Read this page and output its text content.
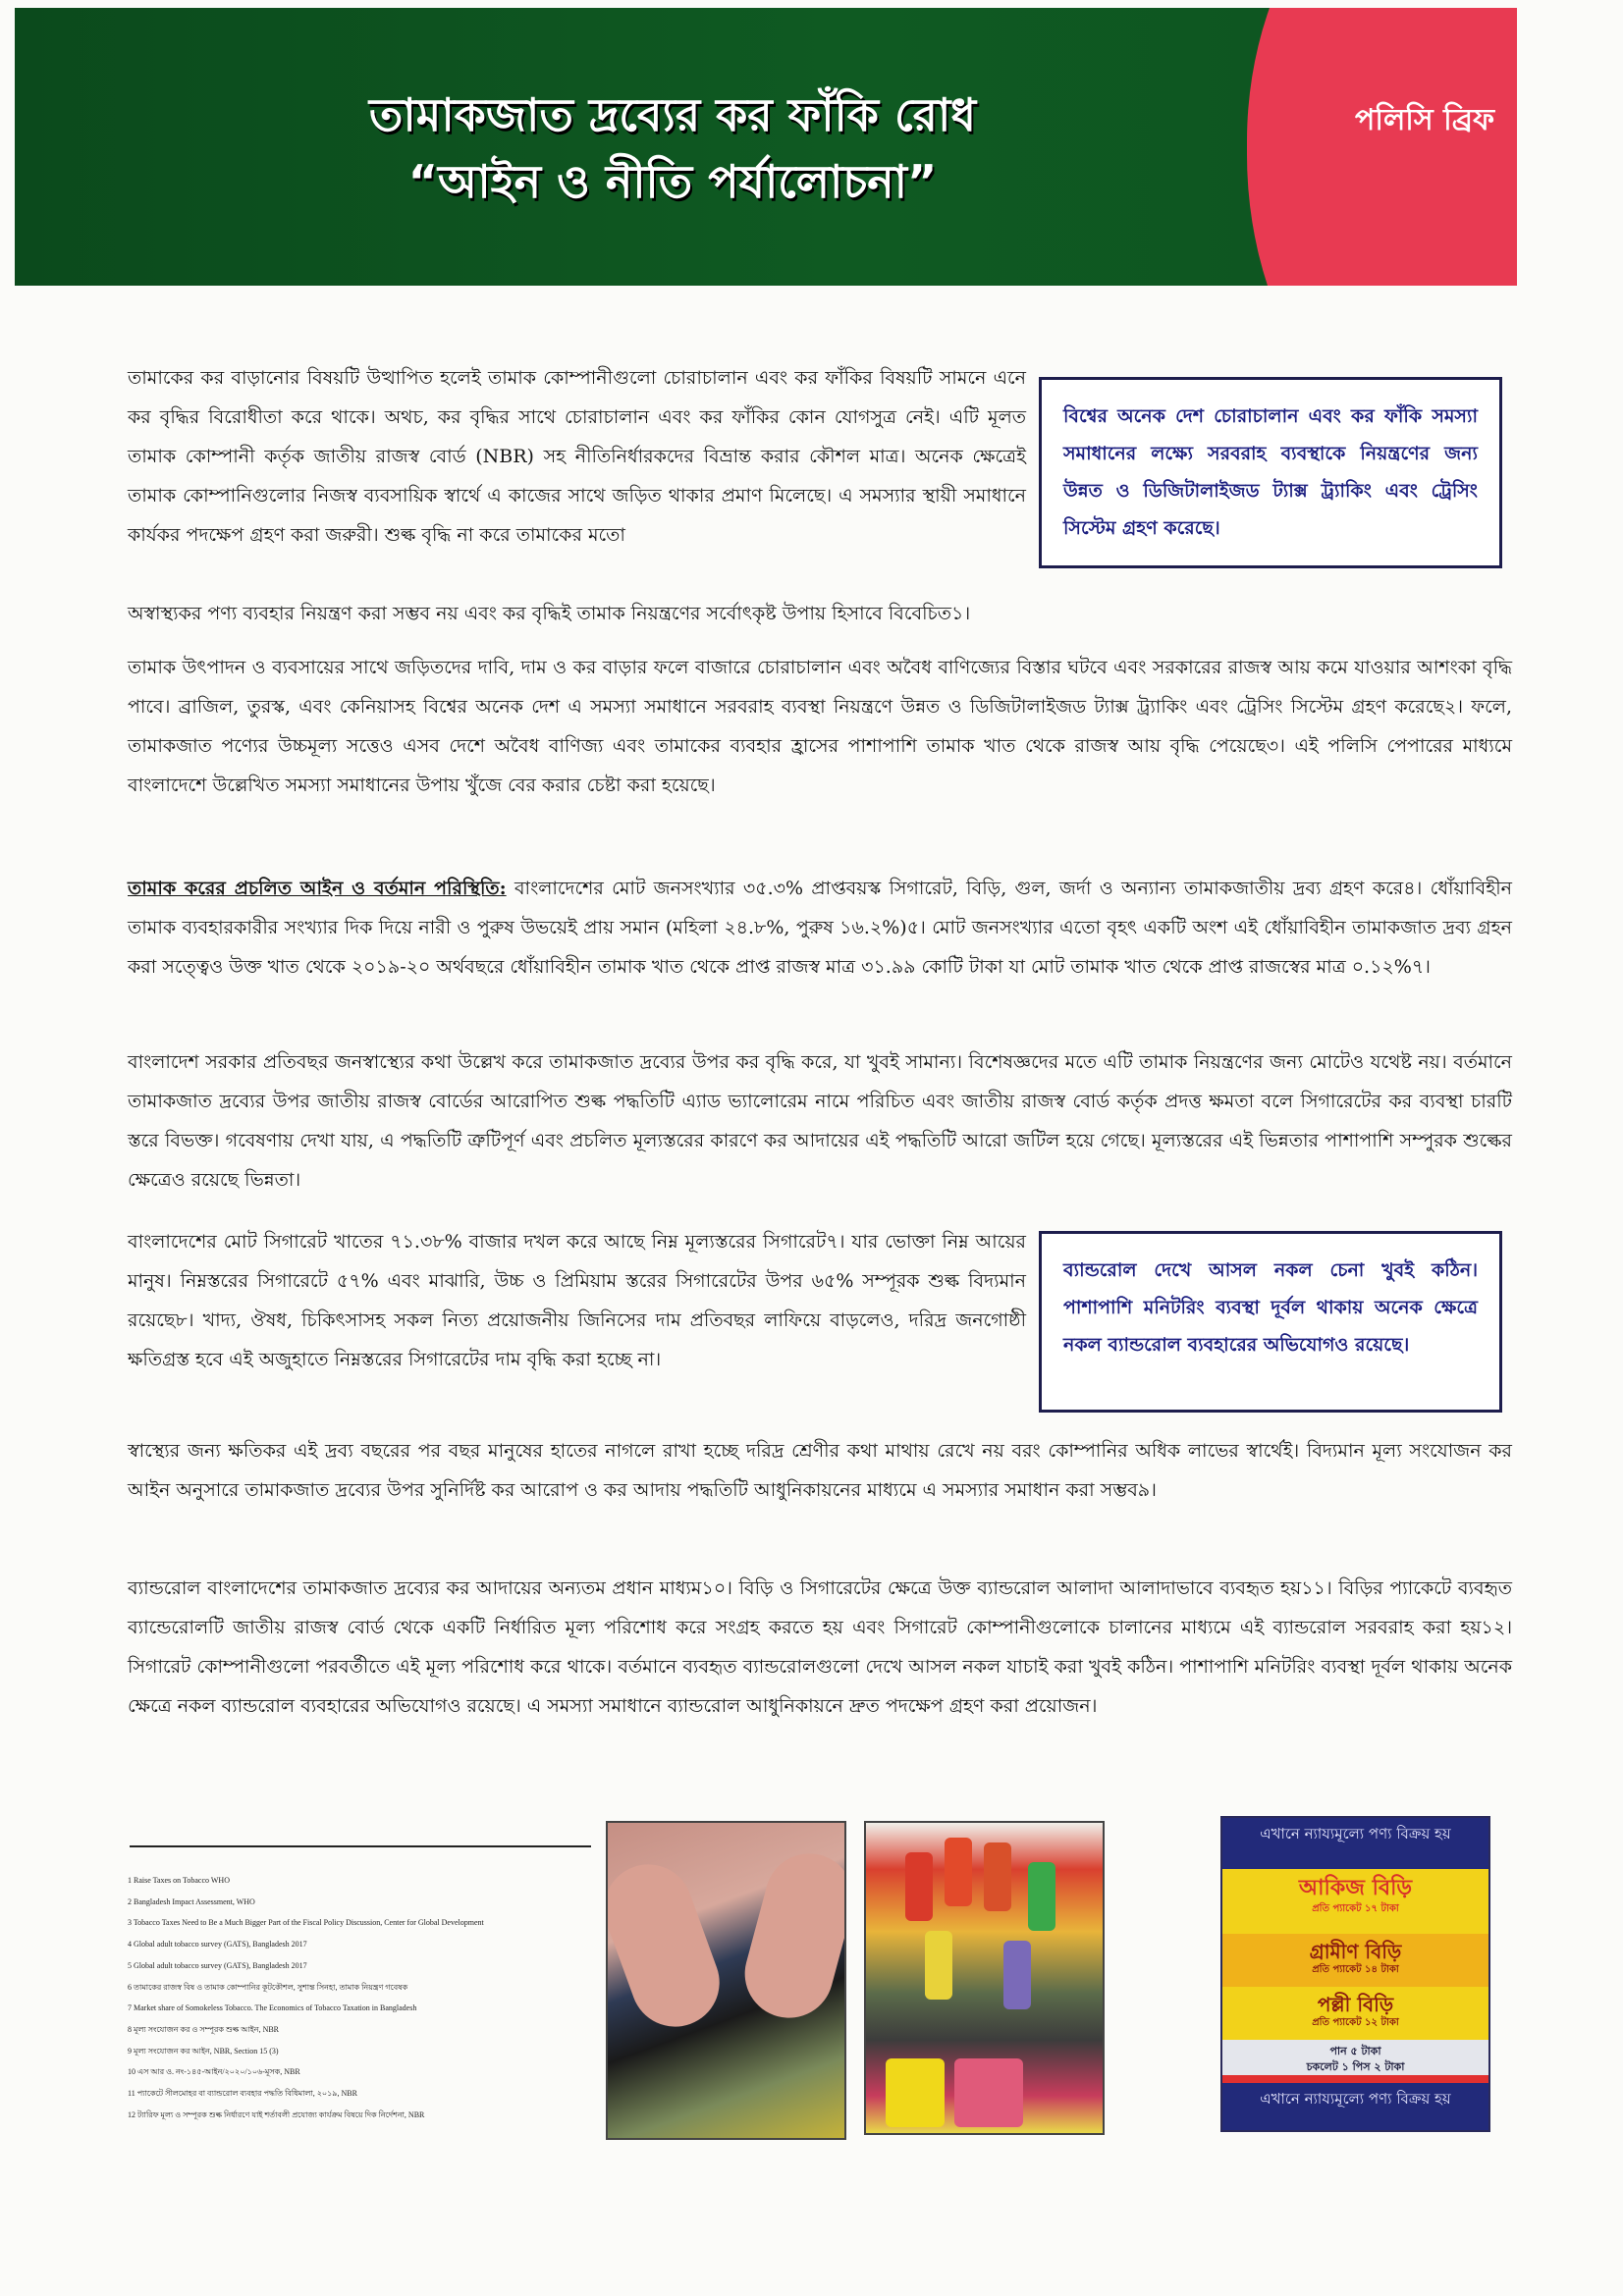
তামাকজাত দ্রব্যের কর ফাঁকি রোধ
“আইন ও নীতি পর্যালোচনা”
পলিসি ব্রিফ
তামাকের কর বাড়ানোর বিষয়টি উত্থাপিত হলেই তামাক কোম্পানীগুলো চোরাচালান এবং কর ফাঁকির বিষয়টি সামনে এনে কর বৃদ্ধির বিরোধীতা করে থাকে। অথচ, কর বৃদ্ধির সাথে চোরাচালান এবং কর ফাঁকির কোন যোগসুত্র নেই। এটি মূলত তামাক কোম্পানী কর্তৃক জাতীয় রাজস্ব বোর্ড (NBR) সহ নীতিনির্ধারকদের বিভ্রান্ত করার কৌশল মাত্র। অনেক ক্ষেত্রেই তামাক কোম্পানিগুলোর নিজস্ব ব্যবসায়িক স্বার্থে এ কাজের সাথে জড়িত থাকার প্রমাণ মিলেছে। এ সমস্যার স্থায়ী সমাধানে কার্যকর পদক্ষেপ গ্রহণ করা জরুরী। শুল্ক বৃদ্ধি না করে তামাকের মতো
অস্বাস্থ্যকর পণ্য ব্যবহার নিয়ন্ত্রণ করা সম্ভব নয় এবং কর বৃদ্ধিই তামাক নিয়ন্ত্রণের সর্বোৎকৃষ্ট উপায় হিসাবে বিবেচিত১।
বিশ্বের অনেক দেশ চোরাচালান এবং কর ফাঁকি সমস্যা সমাধানের লক্ষ্যে সরবরাহ ব্যবস্থাকে নিয়ন্ত্রণের জন্য উন্নত ও ডিজিটালাইজড ট্যাক্স ট্র্যাকিং এবং ট্রেসিং সিস্টেম গ্রহণ করেছে।
তামাক উৎপাদন ও ব্যবসায়ের সাথে জড়িতদের দাবি, দাম ও কর বাড়ার ফলে বাজারে চোরাচালান এবং অবৈধ বাণিজ্যের বিস্তার ঘটবে এবং সরকারের রাজস্ব আয় কমে যাওয়ার আশংকা বৃদ্ধি পাবে। ব্রাজিল, তুরস্ক, এবং কেনিয়াসহ বিশ্বের অনেক দেশ এ সমস্যা সমাধানে সরবরাহ ব্যবস্থা নিয়ন্ত্রণে উন্নত ও ডিজিটালাইজড ট্যাক্স ট্র্যাকিং এবং ট্রেসিং সিস্টেম গ্রহণ করেছে২। ফলে, তামাকজাত পণ্যের উচ্চমূল্য সত্তেও এসব দেশে অবৈধ বাণিজ্য এবং তামাকের ব্যবহার হ্রাসের পাশাপাশি তামাক খাত থেকে রাজস্ব আয় বৃদ্ধি পেয়েছে৩। এই পলিসি পেপারের মাধ্যমে বাংলাদেশে উল্লেখিত সমস্যা সমাধানের উপায় খুঁজে বের করার চেষ্টা করা হয়েছে।
তামাক করের প্রচলিত আইন ও বর্তমান পরিস্থিতি: বাংলাদেশের মোট জনসংখ্যার ৩৫.৩% প্রাপ্তবয়স্ক সিগারেট, বিড়ি, গুল, জর্দা ও অন্যান্য তামাকজাতীয় দ্রব্য গ্রহণ করে৪। ধোঁয়াবিহীন তামাক ব্যবহারকারীর সংখ্যার দিক দিয়ে নারী ও পুরুষ উভয়েই প্রায় সমান (মহিলা ২৪.৮%, পুরুষ ১৬.২%)৫। মোট জনসংখ্যার এতো বৃহৎ একটি অংশ এই ধোঁয়াবিহীন তামাকজাত দ্রব্য গ্রহন করা সত্ত্বেও উক্ত খাত থেকে ২০১৯-২০ অর্থবছরে ধোঁয়াবিহীন তামাক খাত থেকে প্রাপ্ত রাজস্ব মাত্র ৩১.৯৯ কোটি টাকা যা মোট তামাক খাত থেকে প্রাপ্ত রাজস্বের মাত্র ০.১২%৭।
বাংলাদেশ সরকার প্রতিবছর জনস্বাস্থ্যের কথা উল্লেখ করে তামাকজাত দ্রব্যের উপর কর বৃদ্ধি করে, যা খুবই সামান্য। বিশেষজ্ঞদের মতে এটি তামাক নিয়ন্ত্রণের জন্য মোটেও যথেষ্ট নয়। বর্তমানে তামাকজাত দ্রব্যের উপর জাতীয় রাজস্ব বোর্ডের আরোপিত শুল্ক পদ্ধতিটি এ্যাড ভ্যালোরেম নামে পরিচিত এবং জাতীয় রাজস্ব বোর্ড কর্তৃক প্রদত্ত ক্ষমতা বলে সিগারেটের কর ব্যবস্থা চারটি স্তরে বিভক্ত। গবেষণায় দেখা যায়, এ পদ্ধতিটি ত্রুটিপূর্ণ এবং প্রচলিত মূল্যস্তরের কারণে কর আদায়ের এই পদ্ধতিটি আরো জটিল হয়ে গেছে। মূল্যস্তরের এই ভিন্নতার পাশাপাশি সম্পুরক শুল্কের ক্ষেত্রেও রয়েছে ভিন্নতা।
বাংলাদেশের মোট সিগারেট খাতের ৭১.৩৮% বাজার দখল করে আছে নিম্ন মূল্যস্তরের সিগারেট৭। যার ভোক্তা নিম্ন আয়ের মানুষ। নিম্নস্তরের সিগারেটে ৫৭% এবং মাঝারি, উচ্চ ও প্রিমিয়াম স্তরের সিগারেটের উপর ৬৫% সম্পূরক শুল্ক বিদ্যমান রয়েছে৮। খাদ্য, ঔষধ, চিকিৎসাসহ সকল নিত্য প্রয়োজনীয় জিনিসের দাম প্রতিবছর লাফিয়ে বাড়লেও, দরিদ্র জনগোষ্ঠী ক্ষতিগ্রস্ত হবে এই অজুহাতে নিম্নস্তরের সিগারেটের দাম বৃদ্ধি করা হচ্ছে না।
ব্যান্ডরোল দেখে আসল নকল চেনা খুবই কঠিন। পাশাপাশি মনিটরিং ব্যবস্থা দূর্বল থাকায় অনেক ক্ষেত্রে নকল ব্যান্ডরোল ব্যবহারের অভিযোগও রয়েছে।
স্বাস্থ্যের জন্য ক্ষতিকর এই দ্রব্য বছরের পর বছর মানুষের হাতের নাগলে রাখা হচ্ছে দরিদ্র শ্রেণীর কথা মাথায় রেখে নয় বরং কোম্পানির অধিক লাভের স্বার্থেই। বিদ্যমান মূল্য সংযোজন কর আইন অনুসারে তামাকজাত দ্রব্যের উপর সুনির্দিষ্ট কর আরোপ ও কর আদায় পদ্ধতিটি আধুনিকায়নের মাধ্যমে এ সমস্যার সমাধান করা সম্ভব৯।
ব্যান্ডরোল বাংলাদেশের তামাকজাত দ্রব্যের কর আদায়ের অন্যতম প্রধান মাধ্যম১০। বিড়ি ও সিগারেটের ক্ষেত্রে উক্ত ব্যান্ডরোল আলাদা আলাদাভাবে ব্যবহৃত হয়১১। বিড়ির প্যাকেটে ব্যবহৃত ব্যান্ডেরোলটি জাতীয় রাজস্ব বোর্ড থেকে একটি নির্ধারিত মূল্য পরিশোধ করে সংগ্রহ করতে হয় এবং সিগারেট কোম্পানীগুলোকে চালানের মাধ্যমে এই ব্যান্ডরোল সরবরাহ করা হয়১২। সিগারেট কোম্পানীগুলো পরবর্তীতে এই মূল্য পরিশোধ করে থাকে। বর্তমানে ব্যবহৃত ব্যান্ডরোলগুলো দেখে আসল নকল যাচাই করা খুবই কঠিন। পাশাপাশি মনিটরিং ব্যবস্থা দূর্বল থাকায় অনেক ক্ষেত্রে নকল ব্যান্ডরোল ব্যবহারের অভিযোগও রয়েছে। এ সমস্যা সমাধানে ব্যান্ডরোল আধুনিকায়নে দ্রুত পদক্ষেপ গ্রহণ করা প্রয়োজন।
1 Raise Taxes on Tobacco WHO
2 Bangladesh Impact Assessment, WHO
3 Tobacco Taxes Need to Be a Much Bigger Part of the Fiscal Policy Discussion, Center for Global Development
4 Global adult tobacco survey (GATS), Bangladesh 2017
5 Global adult tobacco survey (GATS), Bangladesh 2017
6 তামাকের রাজস্ব বিষ ও তামাক কোম্পানির কূটকৌশল, সুশান্ত সিনহা, তামাক নিয়ন্ত্রণ গবেষক
7 Market share of Somokeless Tobacco. The Economics of Tobacco Taxation in Bangladesh
8 মূল্য সংযোজন কর ও সম্পূরক শুল্ক আইন, NBR
9 মূল্য সংযোজন কর আইন, NBR, Section 15 (3)
10 এস আর ও. নং-১৪৫-আইন/২০২০/১০৬-মূসক, NBR
11 প্যাকেটে সীলমোহর বা ব্যান্ডরোল ব্যবহার পদ্ধতি বিধিমালা, ২০১৯, NBR
12 ট্যারিফ মূল্য ও সম্পূরক শুল্ক নির্ধারণে যাই শর্তাবলী প্রযোজ্য কার্যক্রম বিষয়ে দিক নির্দেশনা, NBR
এখানে ন্যায্যমূল্যে পণ্য বিক্রয় হয়
আকিজ বিড়ি
প্রতি প্যাকেট ১৭ টাকা
গ্রামীণ বিড়ি
প্রতি প্যাকেট ১৪ টাকা
পল্লী বিড়ি
প্রতি প্যাকেট ১২ টাকা
পান ৫ টাকা
চকলেট ১ পিস ২ টাকা
এখানে ন্যায্যমূল্যে পণ্য বিক্রয় হয়
